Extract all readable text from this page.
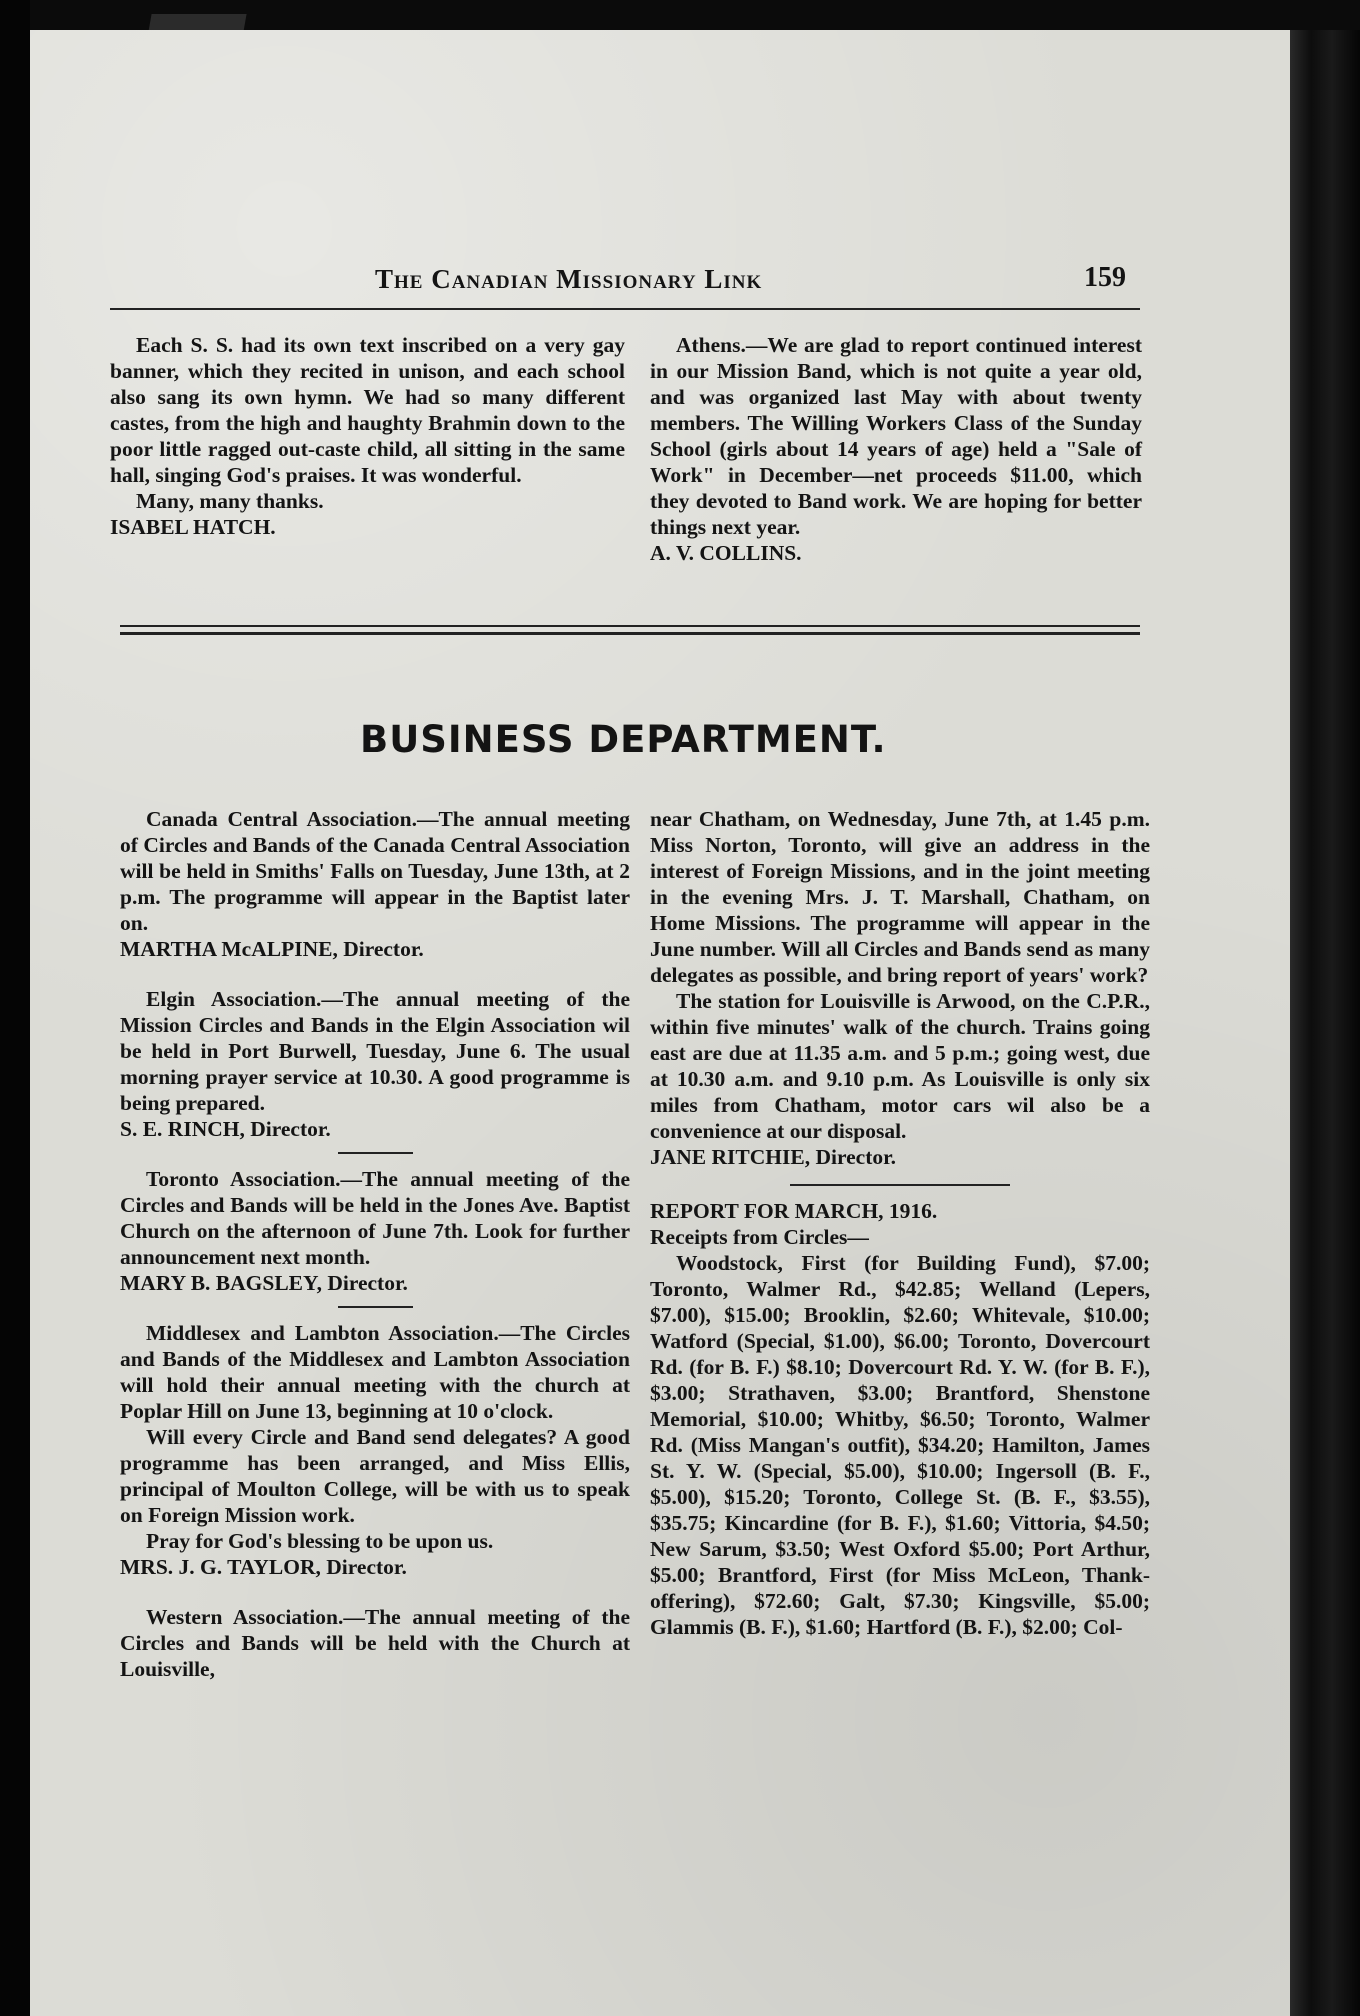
The Canadian Missionary Link	159

Each S. S. had its own text inscribed on a very gay banner, which they recited in unison, and each school also sang its own hymn. We had so many different castes, from the high and haughty Brahmin down to the poor little ragged out-caste child, all sitting in the same hall, singing God's praises. It was wonderful.

Many, many thanks.

ISABEL HATCH.

Athens.—We are glad to report continued interest in our Mission Band, which is not quite a year old, and was organized last May with about twenty members. The Willing Workers Class of the Sunday School (girls about 14 years of age) held a "Sale of Work" in December—net proceeds $11.00, which they devoted to Band work. We are hoping for better things next year.

A. V. COLLINS.

BUSINESS DEPARTMENT.

Canada Central Association.—The annual meeting of Circles and Bands of the Canada Central Association will be held in Smiths' Falls on Tuesday, June 13th, at 2 p.m. The programme will appear in the Baptist later on.

MARTHA McALPINE, Director.

Elgin Association.—The annual meeting of the Mission Circles and Bands in the Elgin Association wil be held in Port Burwell, Tuesday, June 6. The usual morning prayer service at 10.30. A good programme is being prepared.

S. E. RINCH, Director.

Toronto Association.—The annual meeting of the Circles and Bands will be held in the Jones Ave. Baptist Church on the afternoon of June 7th. Look for further announcement next month.

MARY B. BAGSLEY, Director.

Middlesex and Lambton Association.—The Circles and Bands of the Middlesex and Lambton Association will hold their annual meeting with the church at Poplar Hill on June 13, beginning at 10 o'clock.

Will every Circle and Band send delegates? A good programme has been arranged, and Miss Ellis, principal of Moulton College, will be with us to speak on Foreign Mission work.

Pray for God's blessing to be upon us.

MRS. J. G. TAYLOR, Director.

Western Association.—The annual meeting of the Circles and Bands will be held with the Church at Louisville,

near Chatham, on Wednesday, June 7th, at 1.45 p.m. Miss Norton, Toronto, will give an address in the interest of Foreign Missions, and in the joint meeting in the evening Mrs. J. T. Marshall, Chatham, on Home Missions. The programme will appear in the June number. Will all Circles and Bands send as many delegates as possible, and bring report of years' work?

The station for Louisville is Arwood, on the C.P.R., within five minutes' walk of the church. Trains going east are due at 11.35 a.m. and 5 p.m.; going west, due at 10.30 a.m. and 9.10 p.m. As Louisville is only six miles from Chatham, motor cars wil also be a convenience at our disposal.

JANE RITCHIE, Director.

REPORT FOR MARCH, 1916.

Receipts from Circles—

Woodstock, First (for Building Fund), $7.00; Toronto, Walmer Rd., $42.85; Welland (Lepers, $7.00), $15.00; Brooklin, $2.60; Whitevale, $10.00; Watford (Special, $1.00), $6.00; Toronto, Dovercourt Rd. (for B. F.) $8.10; Dovercourt Rd. Y. W. (for B. F.), $3.00; Strathaven, $3.00; Brantford, Shenstone Memorial, $10.00; Whitby, $6.50; Toronto, Walmer Rd. (Miss Mangan's outfit), $34.20; Hamilton, James St. Y. W. (Special, $5.00), $10.00; Ingersoll (B. F., $5.00), $15.20; Toronto, College St. (B. F., $3.55), $35.75; Kincardine (for B. F.), $1.60; Vittoria, $4.50; New Sarum, $3.50; West Oxford $5.00; Port Arthur, $5.00; Brantford, First (for Miss McLeon, Thank-offering), $72.60; Galt, $7.30; Kingsville, $5.00; Glammis (B. F.), $1.60; Hartford (B. F.), $2.00; Col-
